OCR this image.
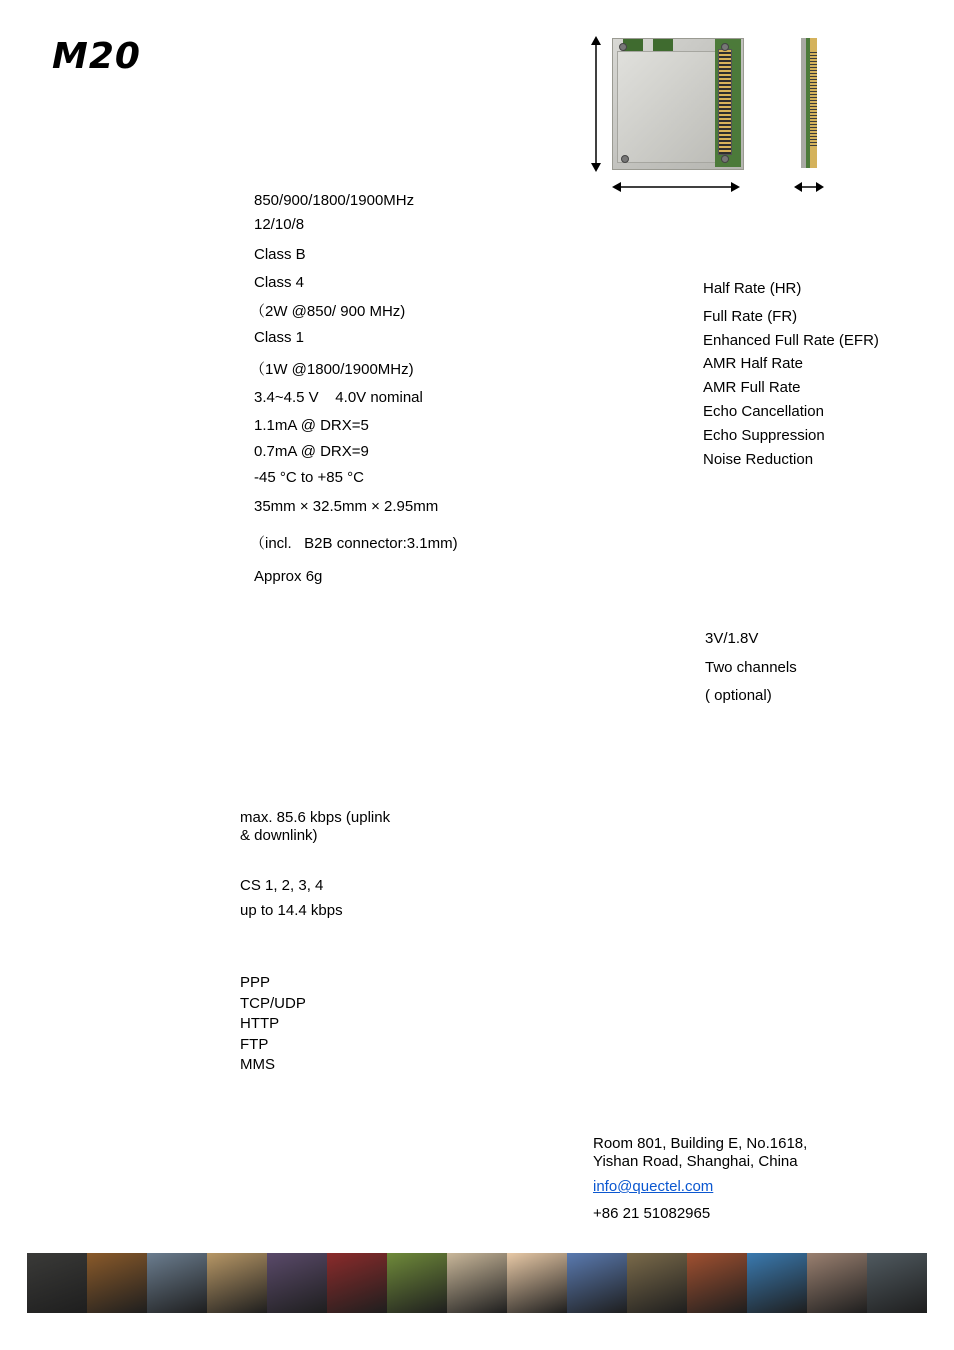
M20
850/900/1800/1900MHz
12/10/8
Class B
Class 4
（2W @850/ 900 MHz)
Class 1
（1W @1800/1900MHz)
3.4~4.5 V    4.0V nominal
1.1mA @ DRX=5
0.7mA @ DRX=9
-45 °C to +85 °C
35mm × 32.5mm × 2.95mm
（incl.   B2B connector:3.1mm)
Approx 6g
Half Rate (HR)
Full Rate (FR)
Enhanced Full Rate (EFR)
AMR Half Rate
AMR Full Rate
Echo Cancellation
Echo Suppression
Noise Reduction
3V/1.8V
Two channels
( optional)
max. 85.6 kbps (uplink
& downlink)
CS 1, 2, 3, 4
up to 14.4 kbps
PPP
TCP/UDP
HTTP
FTP
MMS
Room 801, Building E, No.1618,
Yishan Road, Shanghai, China
info@quectel.com
+86 21 51082965
